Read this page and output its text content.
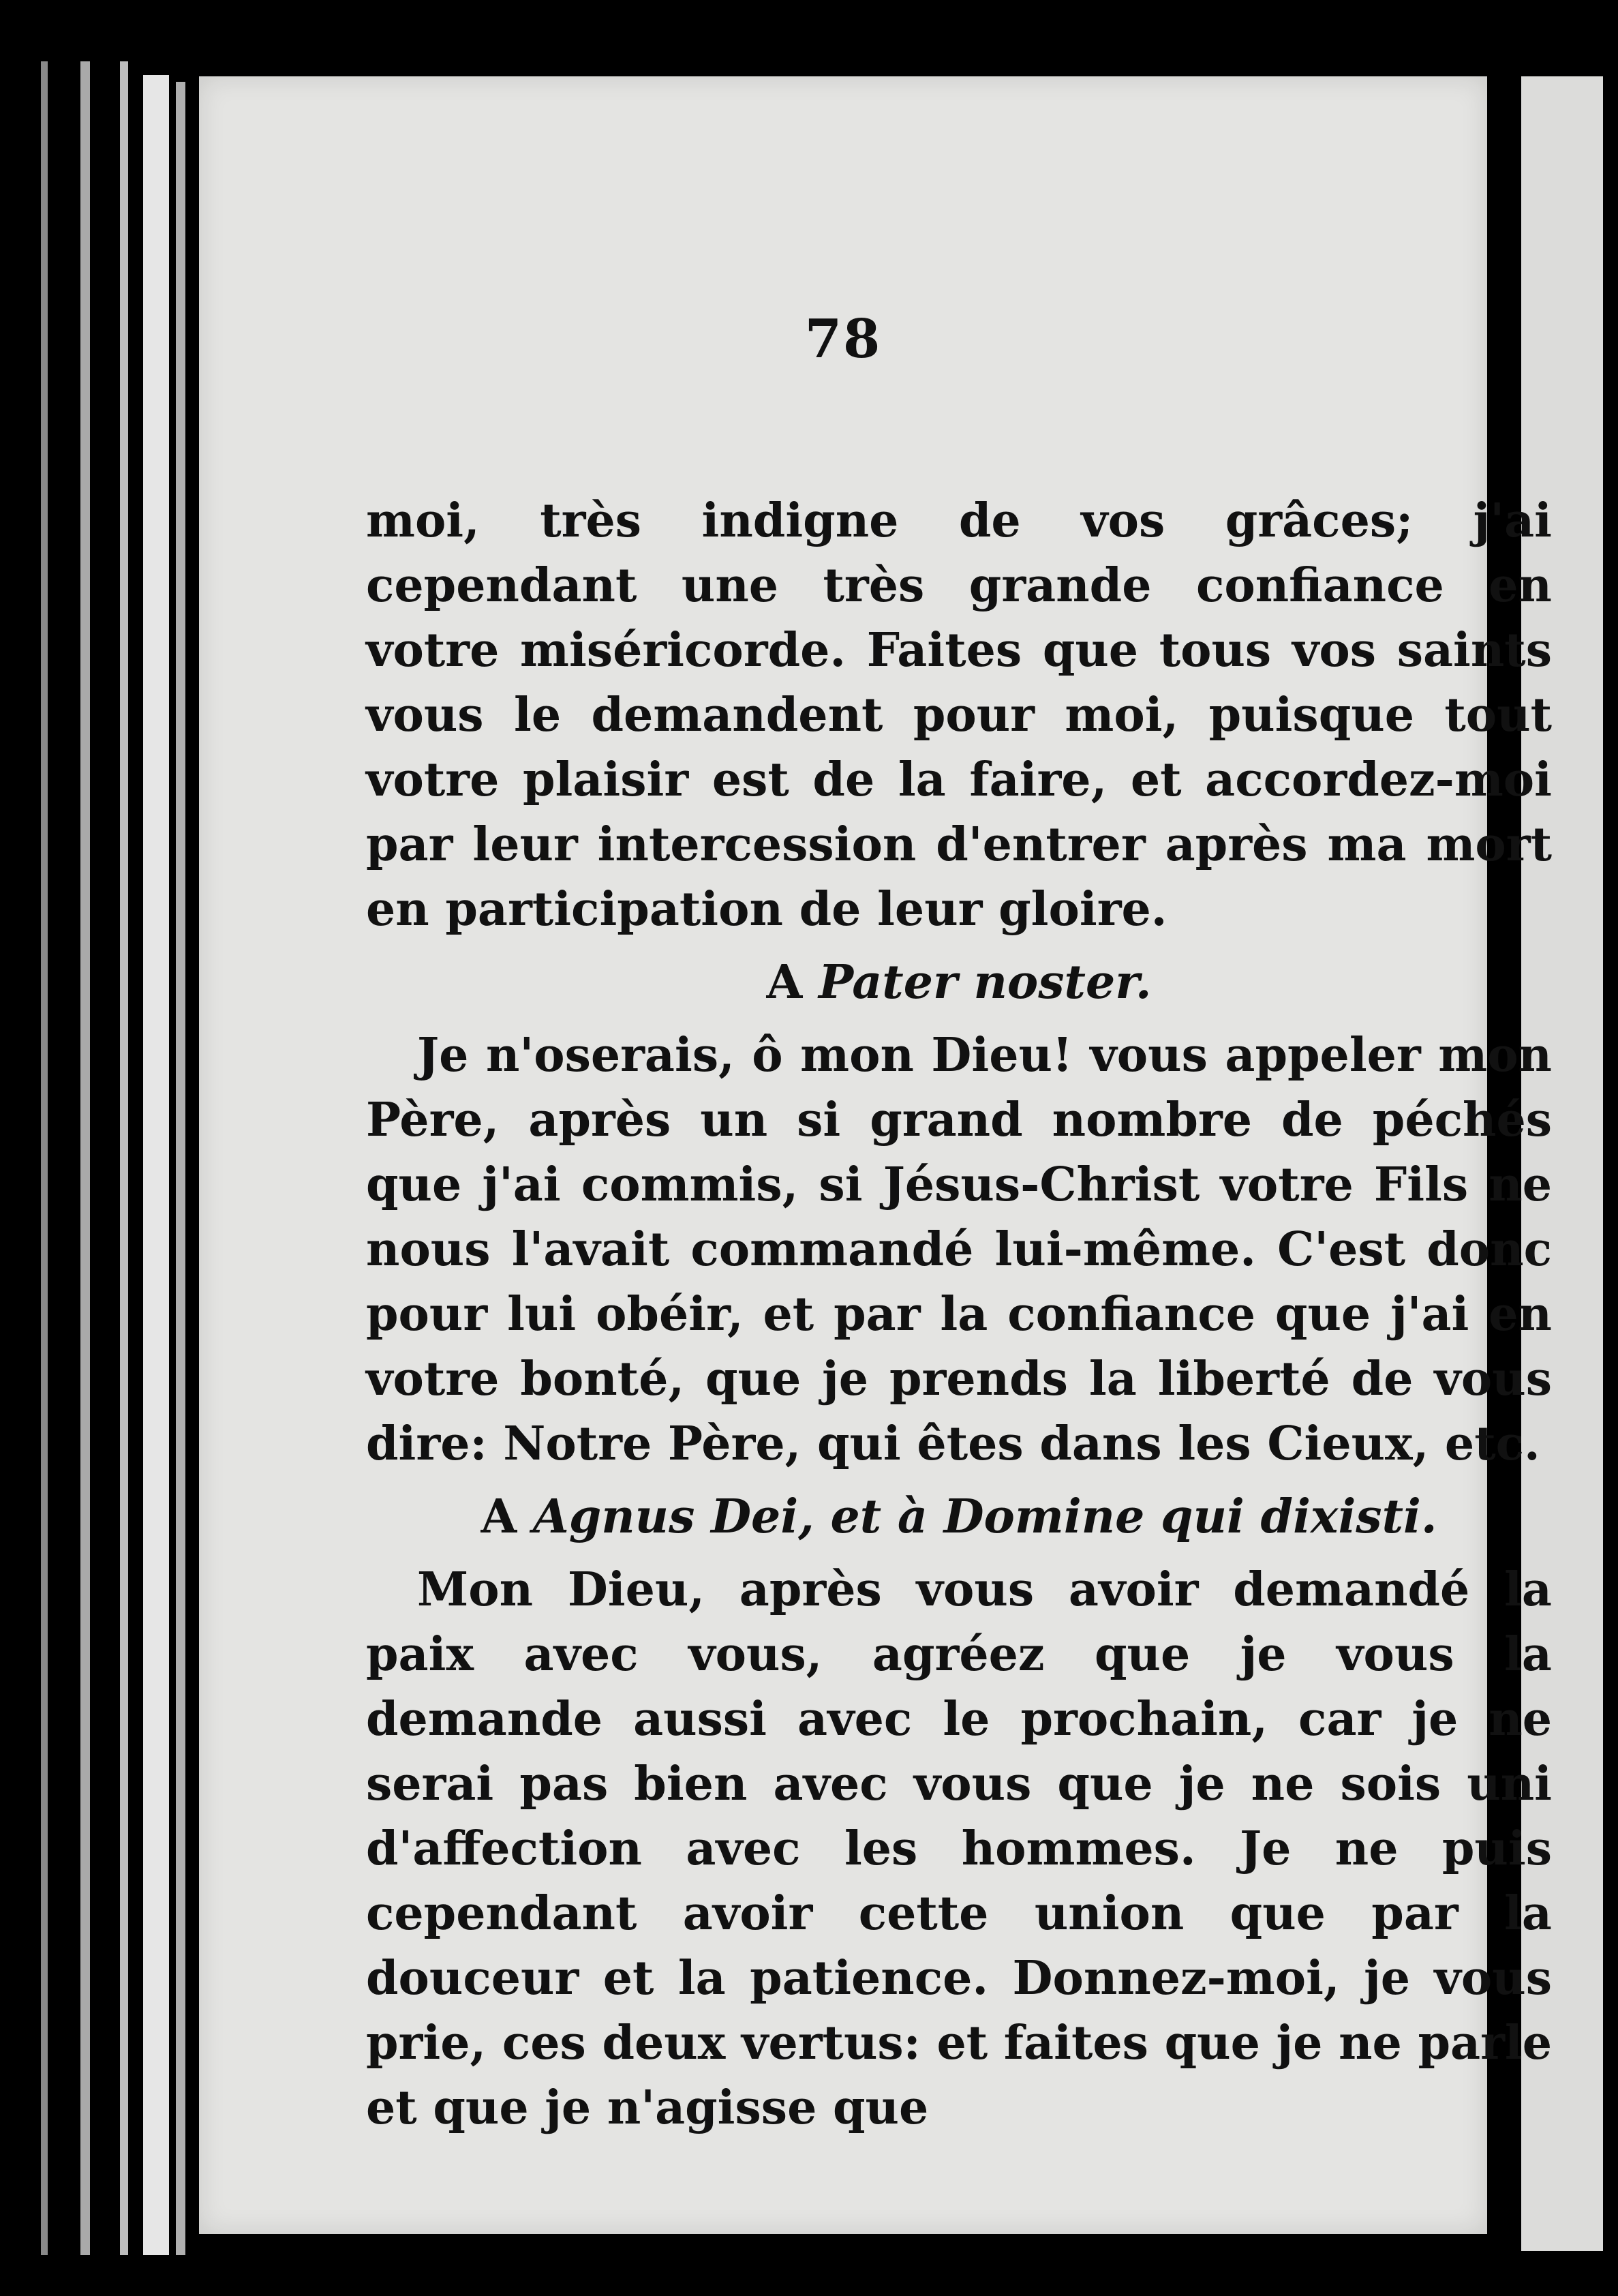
78

moi, très indigne de vos grâces; j'ai cependant une très grande confiance en votre miséricorde. Faites que tous vos saints vous le demandent pour moi, puisque tout votre plaisir est de la faire, et accordez-moi par leur intercession d'entrer après ma mort en participation de leur gloire.

A Pater noster.

Je n'oserais, ô mon Dieu! vous appeler mon Père, après un si grand nombre de péchés que j'ai commis, si Jésus-Christ votre Fils ne nous l'avait commandé lui-même. C'est donc pour lui obéir, et par la confiance que j'ai en votre bonté, que je prends la liberté de vous dire: Notre Père, qui êtes dans les Cieux, etc.

A Agnus Dei, et à Domine qui dixisti.

Mon Dieu, après vous avoir demandé la paix avec vous, agréez que je vous la demande aussi avec le prochain, car je ne serai pas bien avec vous que je ne sois uni d'affection avec les hommes. Je ne puis cependant avoir cette union que par la douceur et la patience. Donnez-moi, je vous prie, ces deux vertus: et faites que je ne parle et que je n'agisse que
